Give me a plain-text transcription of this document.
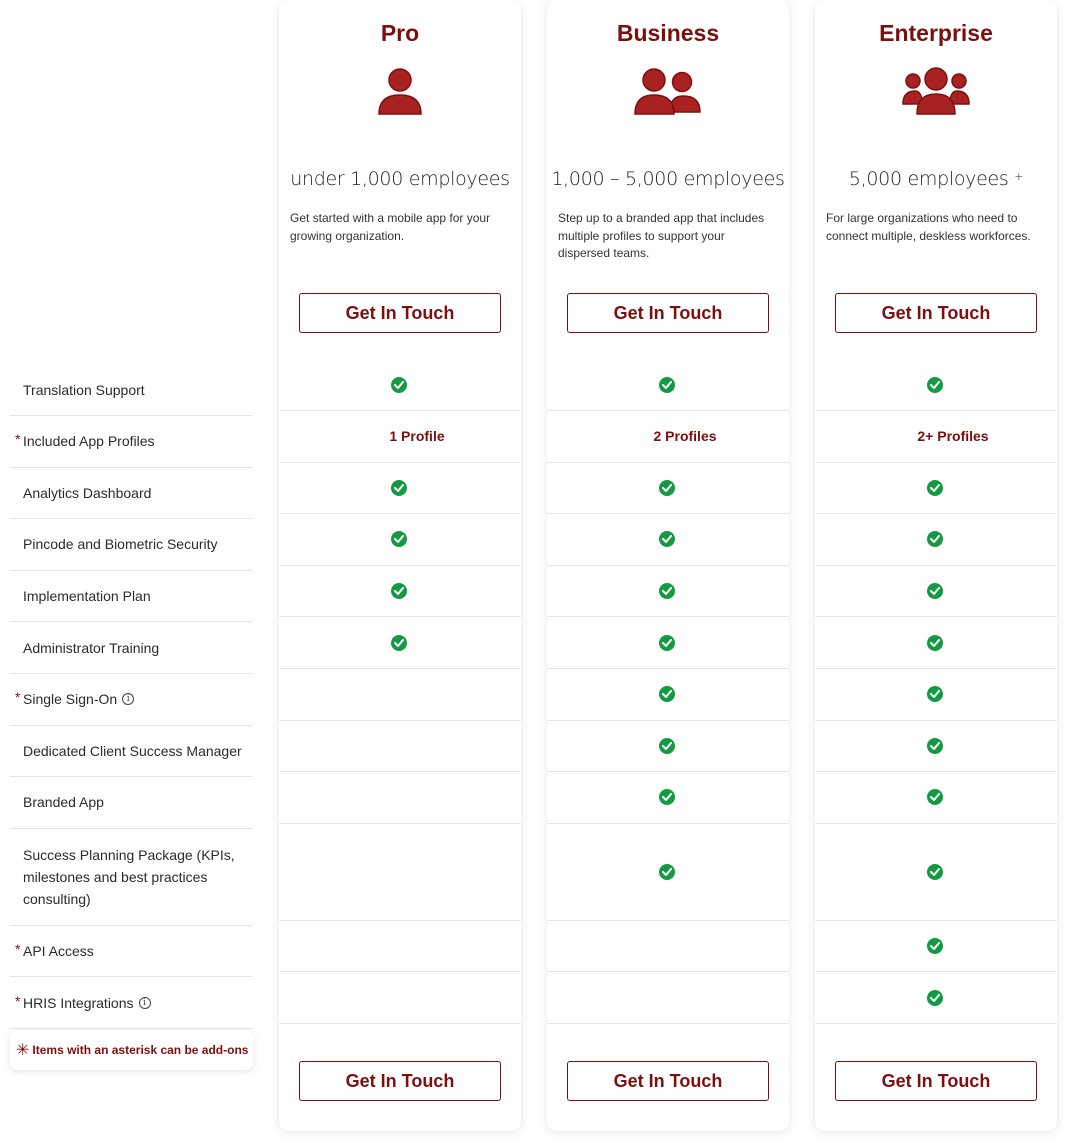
Translation Support
* Included App Profiles
Analytics Dashboard
Pincode and Biometric Security
Implementation Plan
Administrator Training
* Single Sign-On	i
Dedicated Client Success Manager
Branded App
Success Planning Package (KPIs, milestones and best practices consulting)
* API Access
* HRIS Integrations	i
✳ Items with an asterisk can be add-ons
Pro
under 1,000 employees
Get started with a mobile app for your growing organization.
Get In Touch
1 Profile
Get In Touch
Business
1,000 – 5,000 employees
Step up to a branded app that includes multiple profiles to support your dispersed teams.
Get In Touch
2 Profiles
Get In Touch
Enterprise
5,000 employees +
For large organizations who need to connect multiple, deskless workforces.
Get In Touch
2+ Profiles
Get In Touch
